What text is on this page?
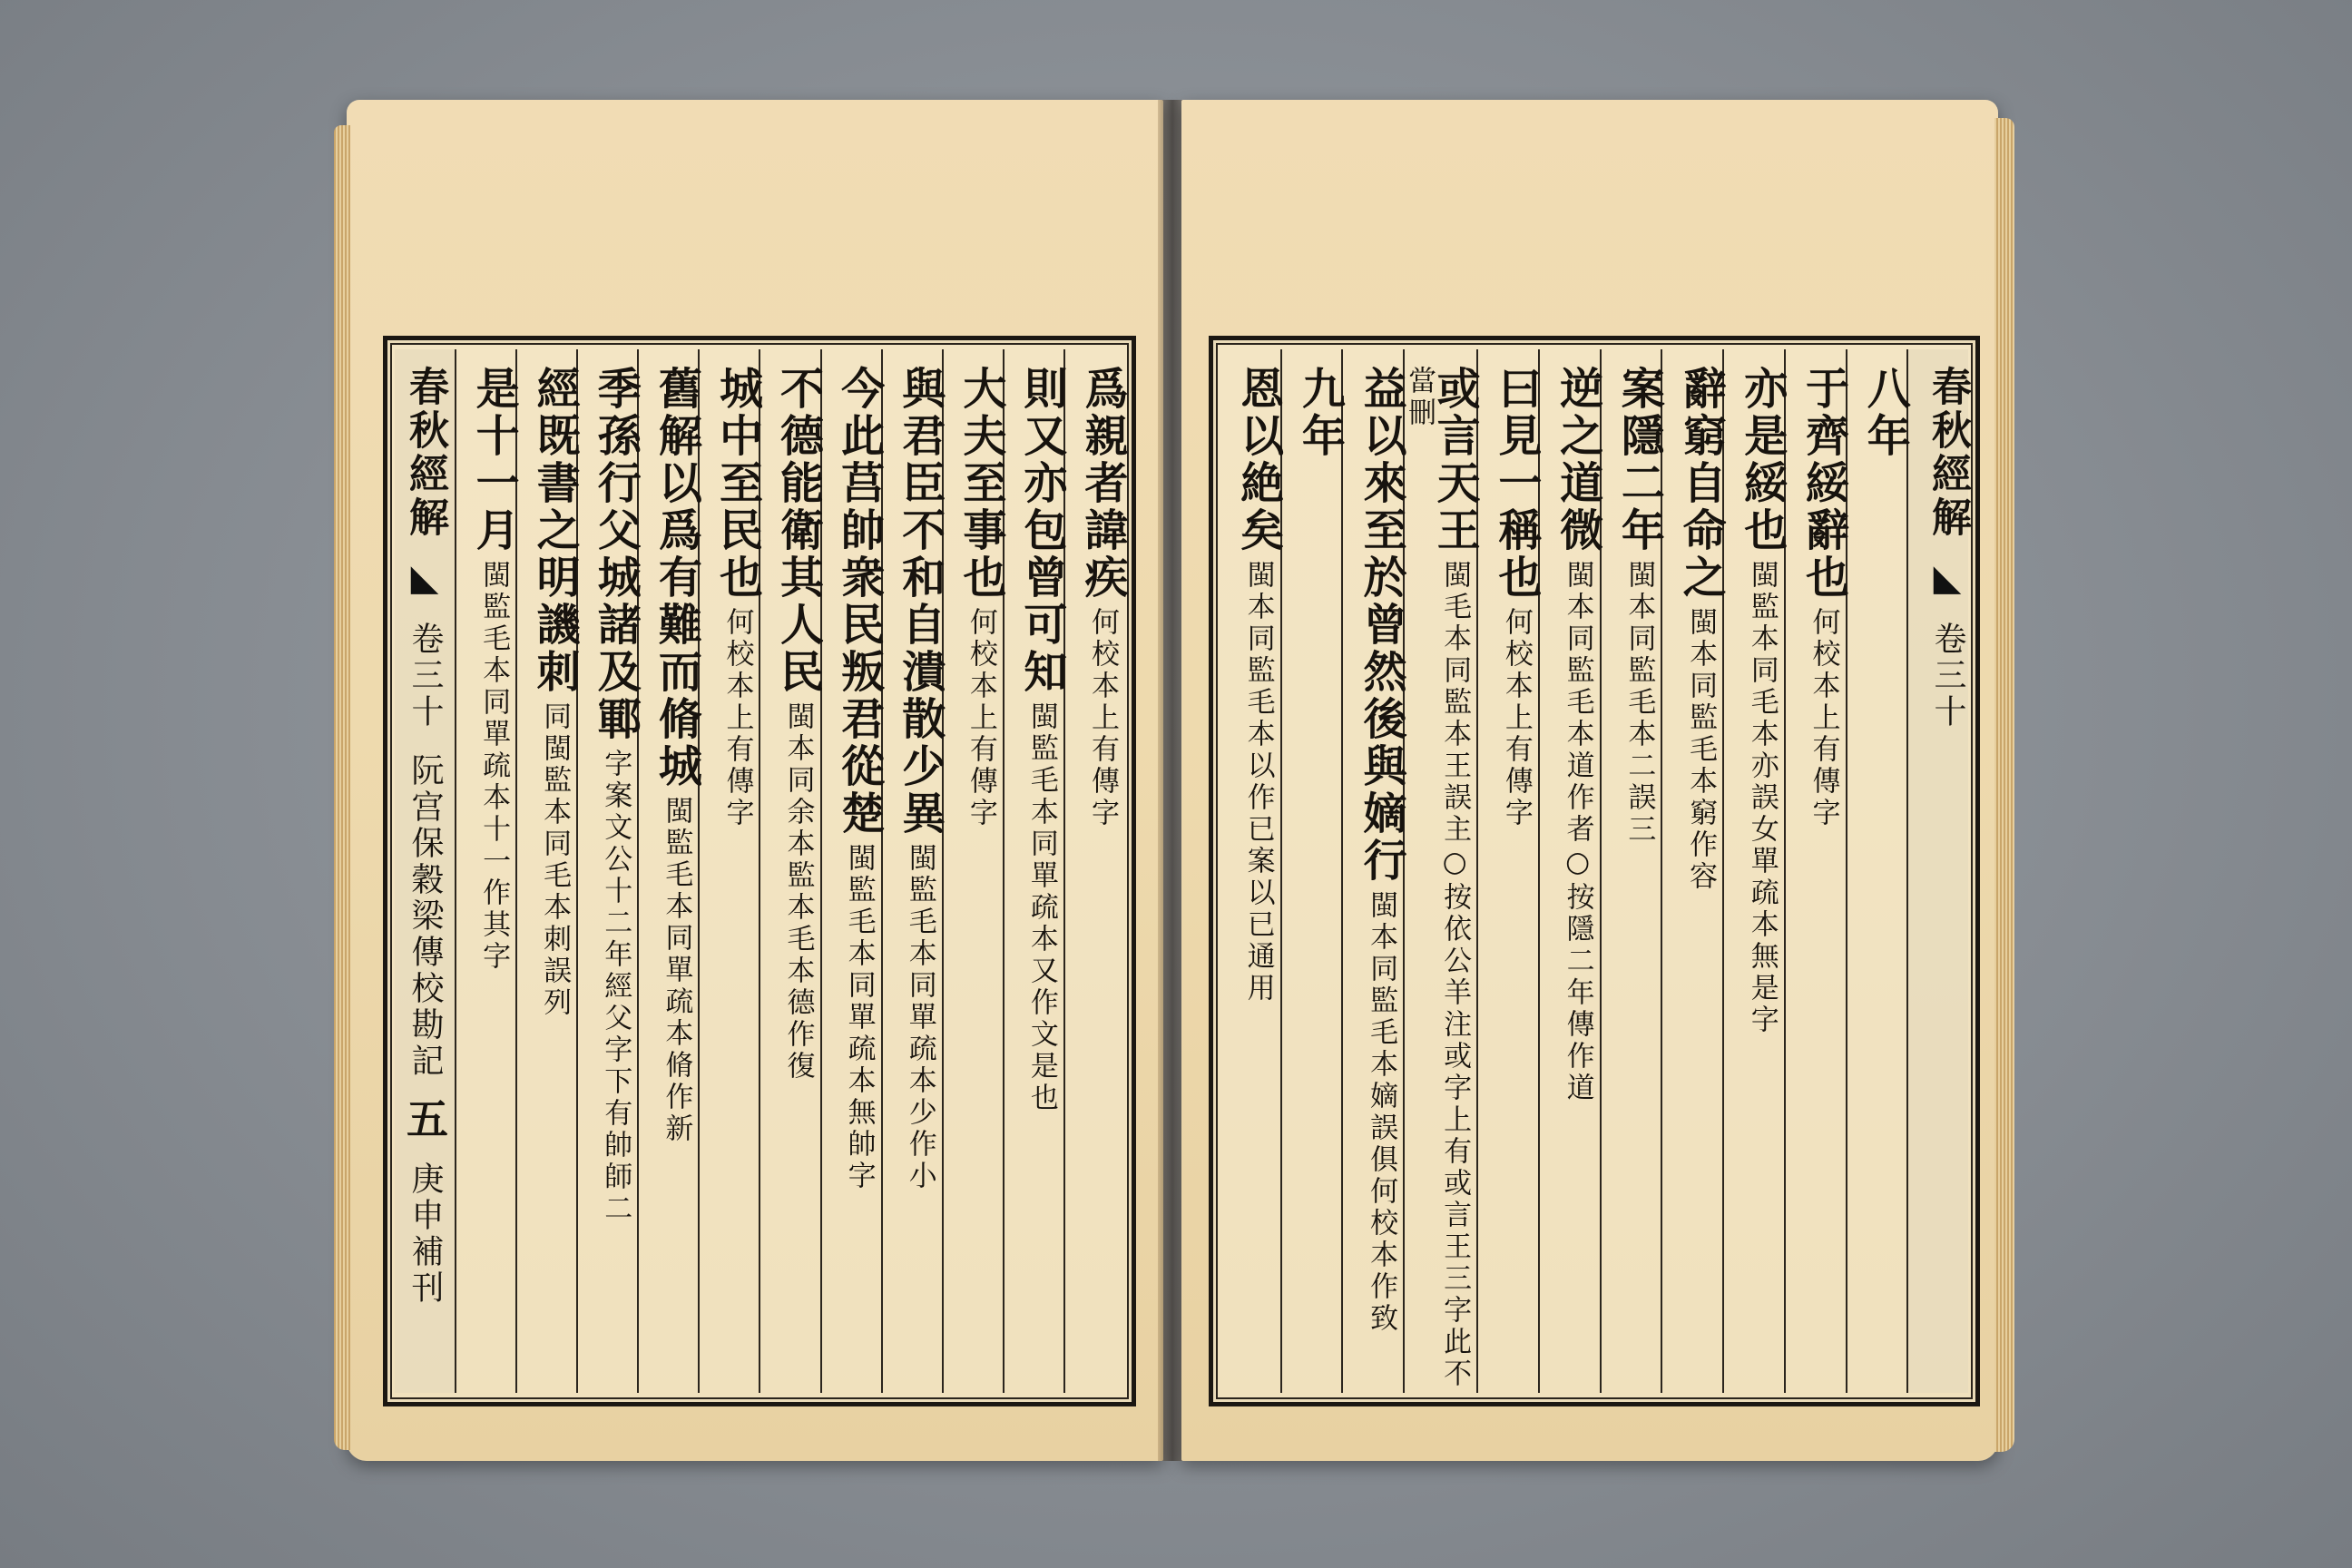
爲親者諱疾何校本上有傳字
則又亦包曾可知閩監毛本同單疏本又作文是也
大夫至事也何校本上有傳字
與君臣不和自潰散少異閩監毛本同單疏本少作小
今此莒帥衆民叛君從楚閩監毛本同單疏本無帥字
不德能衛其人民閩本同余本監本毛本德作復
城中至民也何校本上有傳字
舊解以爲有難而脩城閩監毛本同單疏本脩作新
季孫行父城諸及鄆字案文公十二年經父字下有帥師二
經既書之明譏刺同閩監本同毛本刺誤列
是十一月閩監毛本同單疏本十一作其字
春秋經解 ◣ 卷三十 阮宫保穀梁傳校勘記 五 庚申補刊
春秋經解 ◣ 卷三十
八年
于齊綏辭也何校本上有傳字
亦是綏也閩監本同毛本亦誤女單疏本無是字
辭窮自命之閩本同監毛本窮作容
案隱二年閩本同監毛本二誤三
逆之道微閩本同監毛本道作者○按隱二年傳作道
曰見一稱也何校本上有傳字
或言天王閩毛本同監本王誤主○按依公羊注或字上有或言王三字此不當刪
益以來至於曾然後與嫡行閩本同監毛本嫡誤俱何校本作致
九年
恩以絶矣閩本同監毛本以作已案以已通用
